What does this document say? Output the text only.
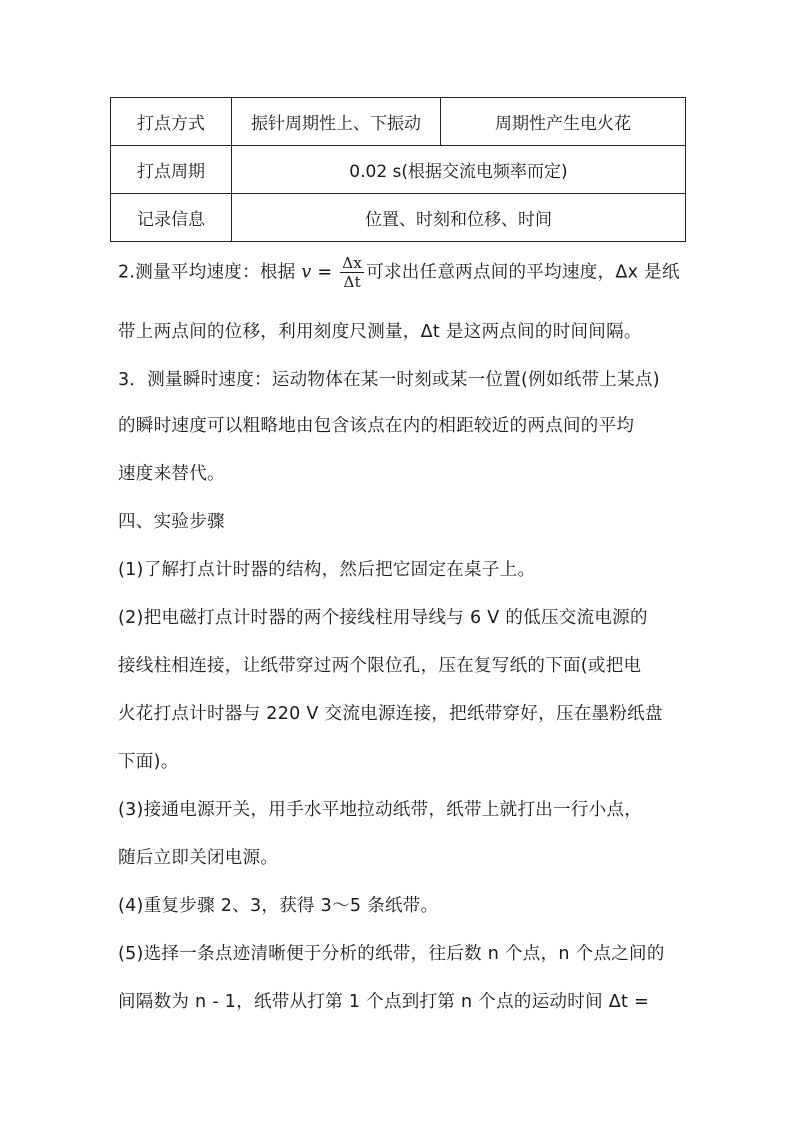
打点方式	振针周期性上、下振动	周期性产生电火花
打点周期	0.02 s(根据交流电频率而定)	
记录信息	位置、时刻和位移、时间	
2.测量平均速度：根据 $v = \frac{\Delta x}{\Delta t}$ 可求出任意两点间的平均速度，Δx 是纸
带上两点间的位移，利用刻度尺测量，Δt 是这两点间的时间间隔。
3．测量瞬时速度：运动物体在某一时刻或某一位置(例如纸带上某点)
的瞬时速度可以粗略地由包含该点在内的相距较近的两点间的平均
速度来替代。
四、实验步骤
(1)了解打点计时器的结构，然后把它固定在桌子上。
(2)把电磁打点计时器的两个接线柱用导线与 6 V 的低压交流电源的
接线柱相连接，让纸带穿过两个限位孔，压在复写纸的下面(或把电
火花打点计时器与 220 V 交流电源连接，把纸带穿好，压在墨粉纸盘
下面)。
(3)接通电源开关，用手水平地拉动纸带，纸带上就打出一行小点，
随后立即关闭电源。
(4)重复步骤 2、3，获得 3～5 条纸带。
(5)选择一条点迹清晰便于分析的纸带，往后数 n 个点，n 个点之间的
间隔数为 n - 1，纸带从打第 1 个点到打第 n 个点的运动时间 Δt =
